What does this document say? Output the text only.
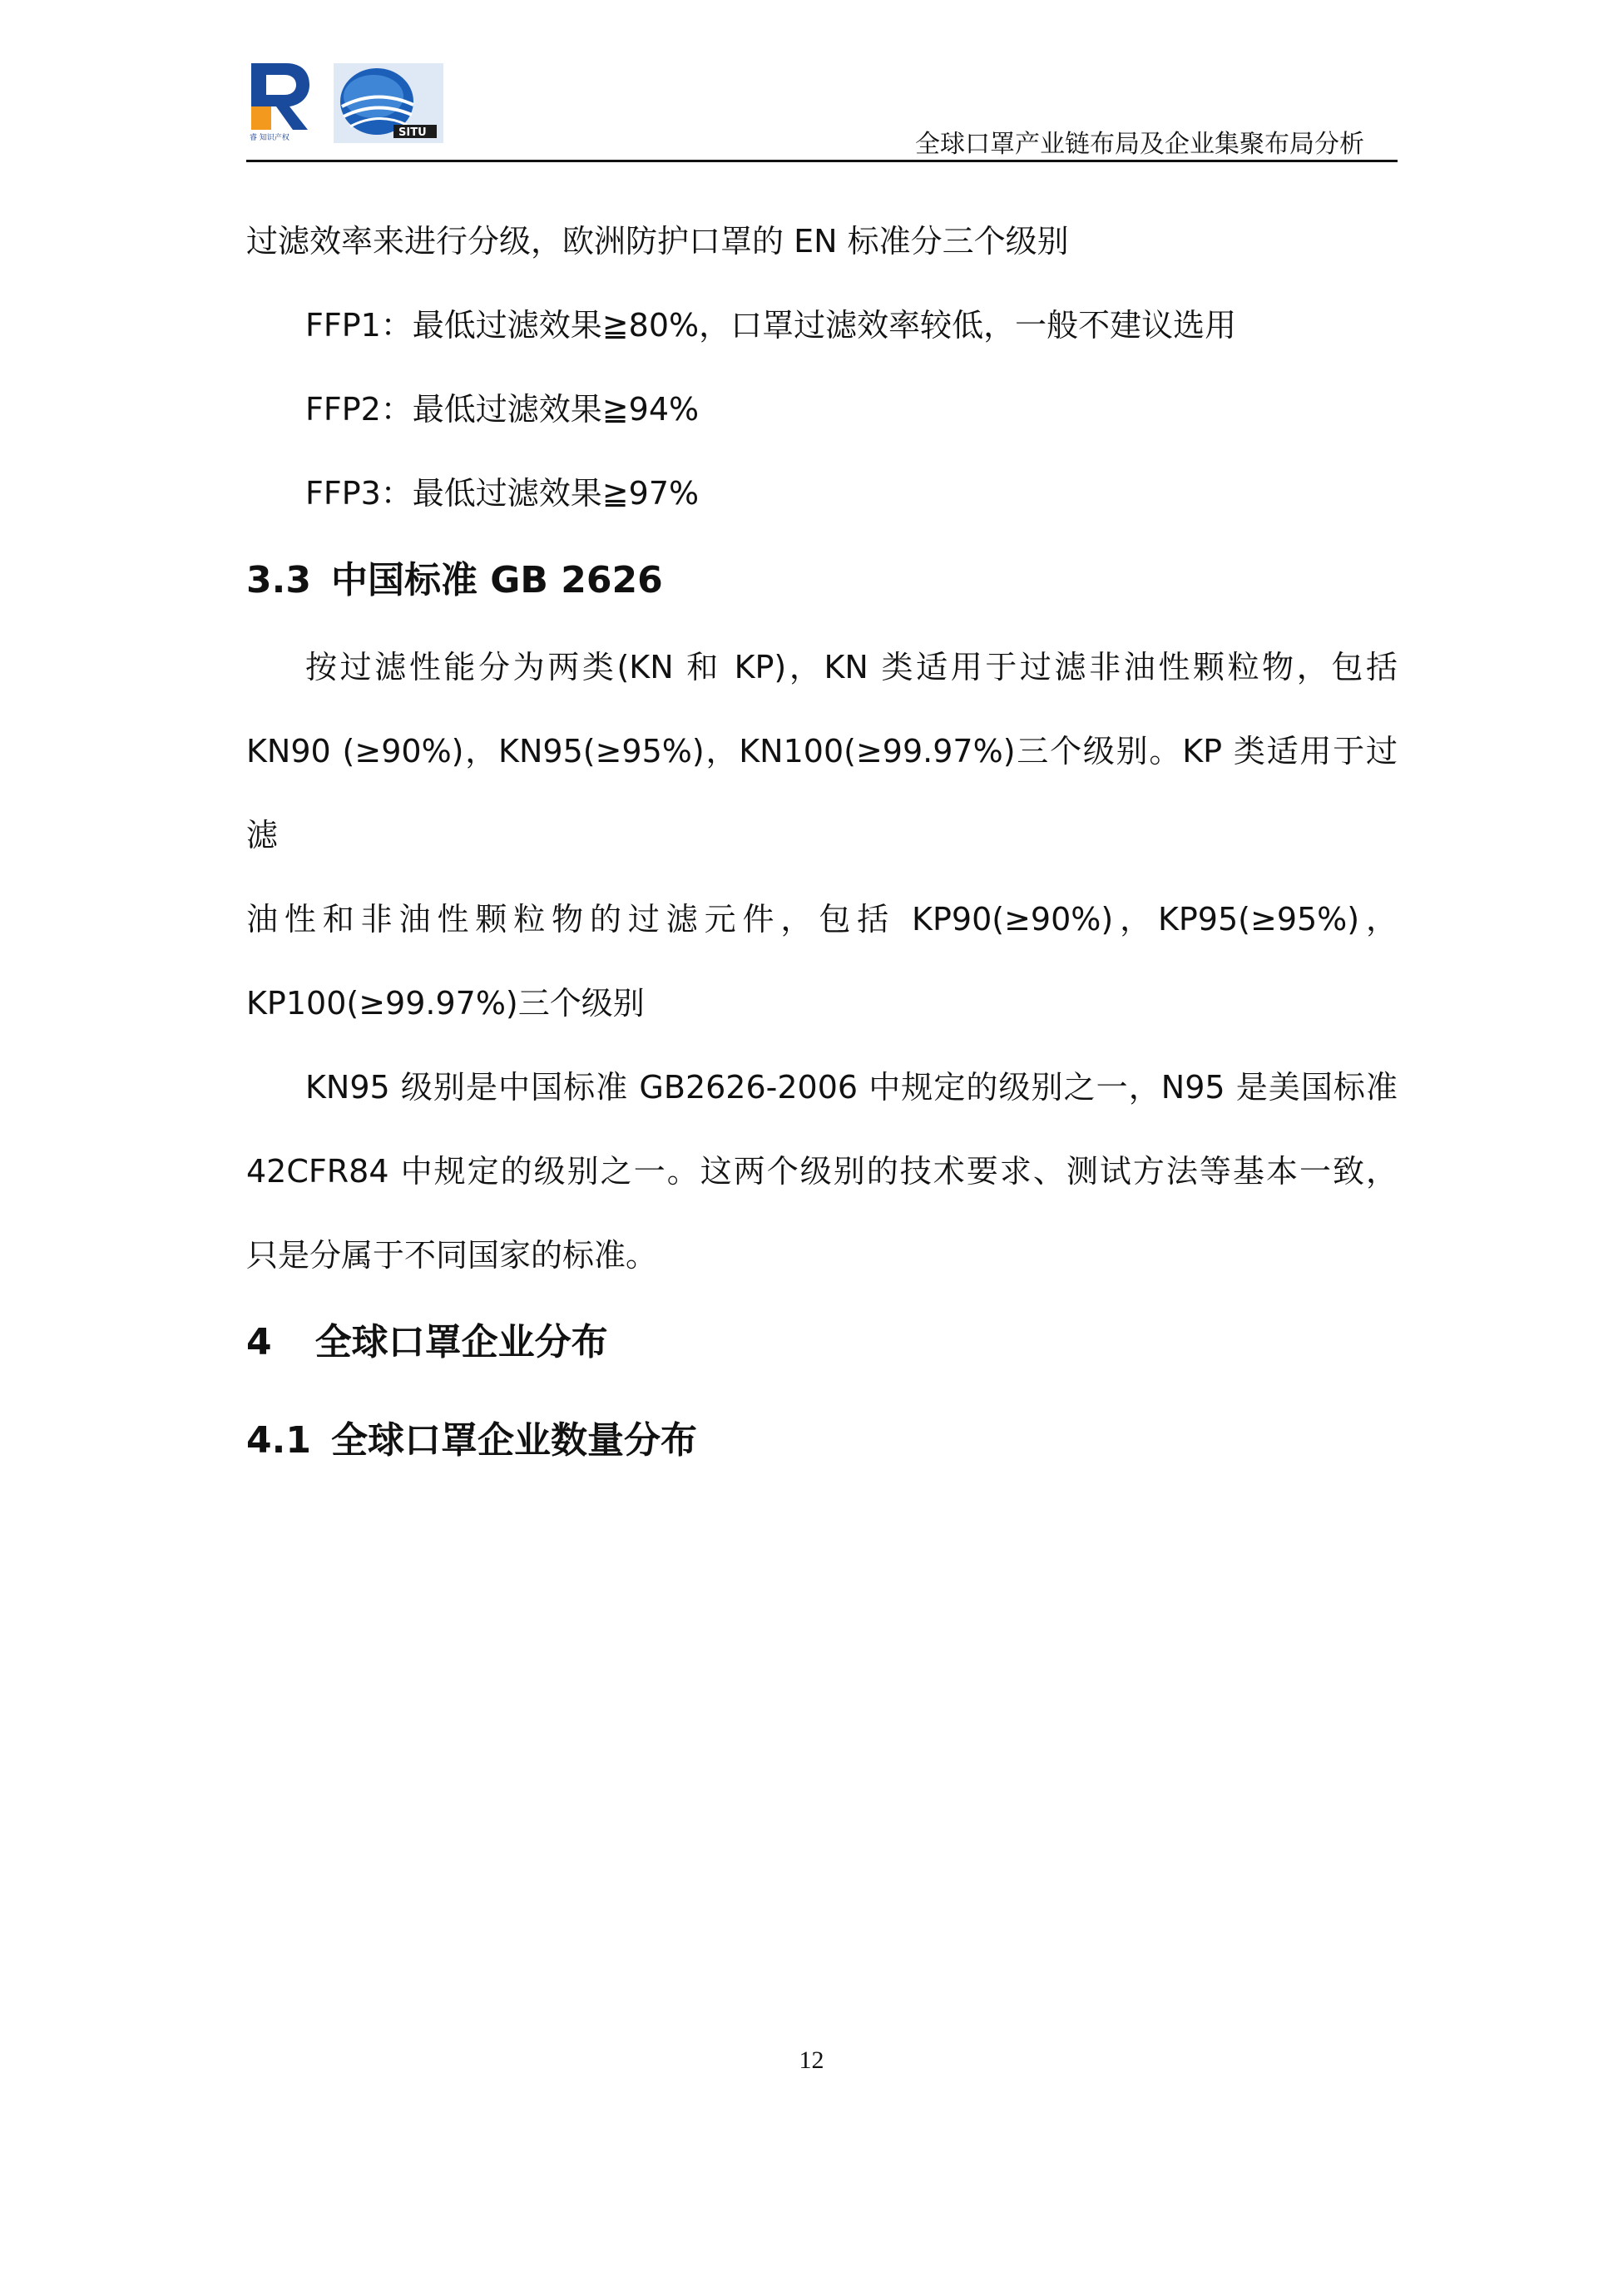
睿 知识产权	SITU	全球口罩产业链布局及企业集聚布局分析

过滤效率来进行分级，欧洲防护口罩的 EN 标准分三个级别

FFP1：最低过滤效果≧80%，口罩过滤效率较低，一般不建议选用

FFP2：最低过滤效果≧94%

FFP3：最低过滤效果≧97%

3.3 中国标准 GB 2626
按过滤性能分为两类(KN 和 KP)，KN 类适用于过滤非油性颗粒物，包括
KN90 (≥90%)，KN95(≥95%)，KN100(≥99.97%)三个级别。KP 类适用于过滤
油性和非油性颗粒物的过滤元件，包括 KP90(≥90%)，KP95(≥95%)，
KP100(≥99.97%)三个级别
KN95 级别是中国标准 GB2626-2006 中规定的级别之一，N95 是美国标准
42CFR84 中规定的级别之一。这两个级别的技术要求、测试方法等基本一致，
只是分属于不同国家的标准。
4 全球口罩企业分布
4.1 全球口罩企业数量分布
12
